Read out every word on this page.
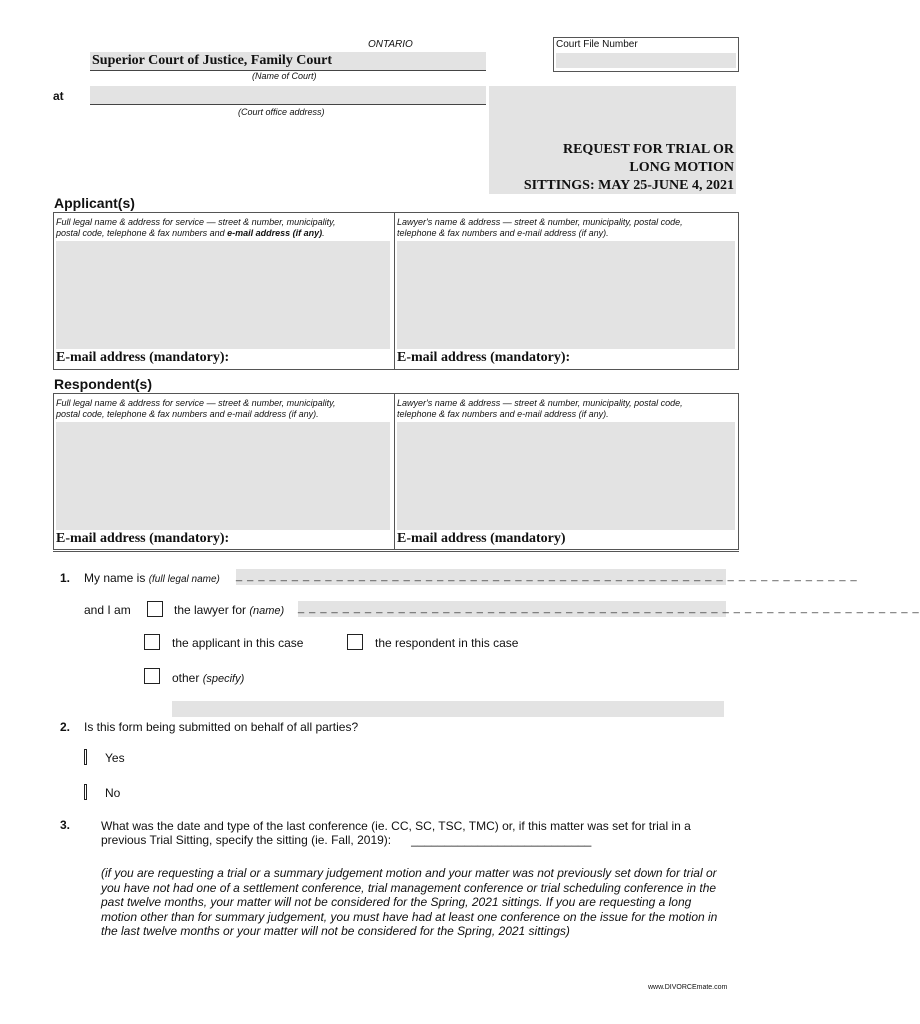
ONTARIO
Superior Court of Justice, Family Court
(Name of Court)
at
(Court office address)
Court File Number
REQUEST FOR TRIAL OR
LONG MOTION
SITTINGS: MAY 25-JUNE 4, 2021
Applicant(s)
Full legal name & address for service — street & number, municipality,
postal code, telephone & fax numbers and e-mail address (if any).
E-mail address (mandatory):
Lawyer's name & address — street & number, municipality, postal code,
telephone & fax numbers and e-mail address (if any).
E-mail address (mandatory):
Respondent(s)
Full legal name & address for service — street & number, municipality,
postal code, telephone & fax numbers and e-mail address (if any).
E-mail address (mandatory):
Lawyer's name & address — street & number, municipality, postal code,
telephone & fax numbers and e-mail address (if any).
E-mail address (mandatory)
1. My name is (full legal name) _ _ _ _ _ _ _ _ _ _ _ _ _ _ _ _ _ _ _ _ _ _ _ _ _ _ _ _ _ _ _ _ _ _ _ _ _ _ _ _ _ _ _ _ _ _ _ _ _ _ _ _ _ _ _ _
and I am	the lawyer for (name) _ _ _ _ _ _ _ _ _ _ _ _ _ _ _ _ _ _ _ _ _ _ _ _ _ _ _ _ _ _ _ _ _ _ _ _ _ _ _ _ _ _ _ _ _ _ _ _ _ _ _ _ _ _ _ _
the applicant in this case	the respondent in this case
other (specify)
2. Is this form being submitted on behalf of all parties?
Yes
No
3.	What was the date and type of the last conference (ie. CC, SC, TSC, TMC) or, if this matter was set for trial in a
previous Trial Sitting, specify the sitting (ie. Fall, 2019): ___________________________
(if you are requesting a trial or a summary judgement motion and your matter was not previously set down for trial or
you have not had one of a settlement conference, trial management conference or trial scheduling conference in the
past twelve months, your matter will not be considered for the Spring, 2021 sittings. If you are requesting a long
motion other than for summary judgement, you must have had at least one conference on the issue for the motion in
the last twelve months or your matter will not be considered for the Spring, 2021 sittings)
www.DIVORCEmate.com
